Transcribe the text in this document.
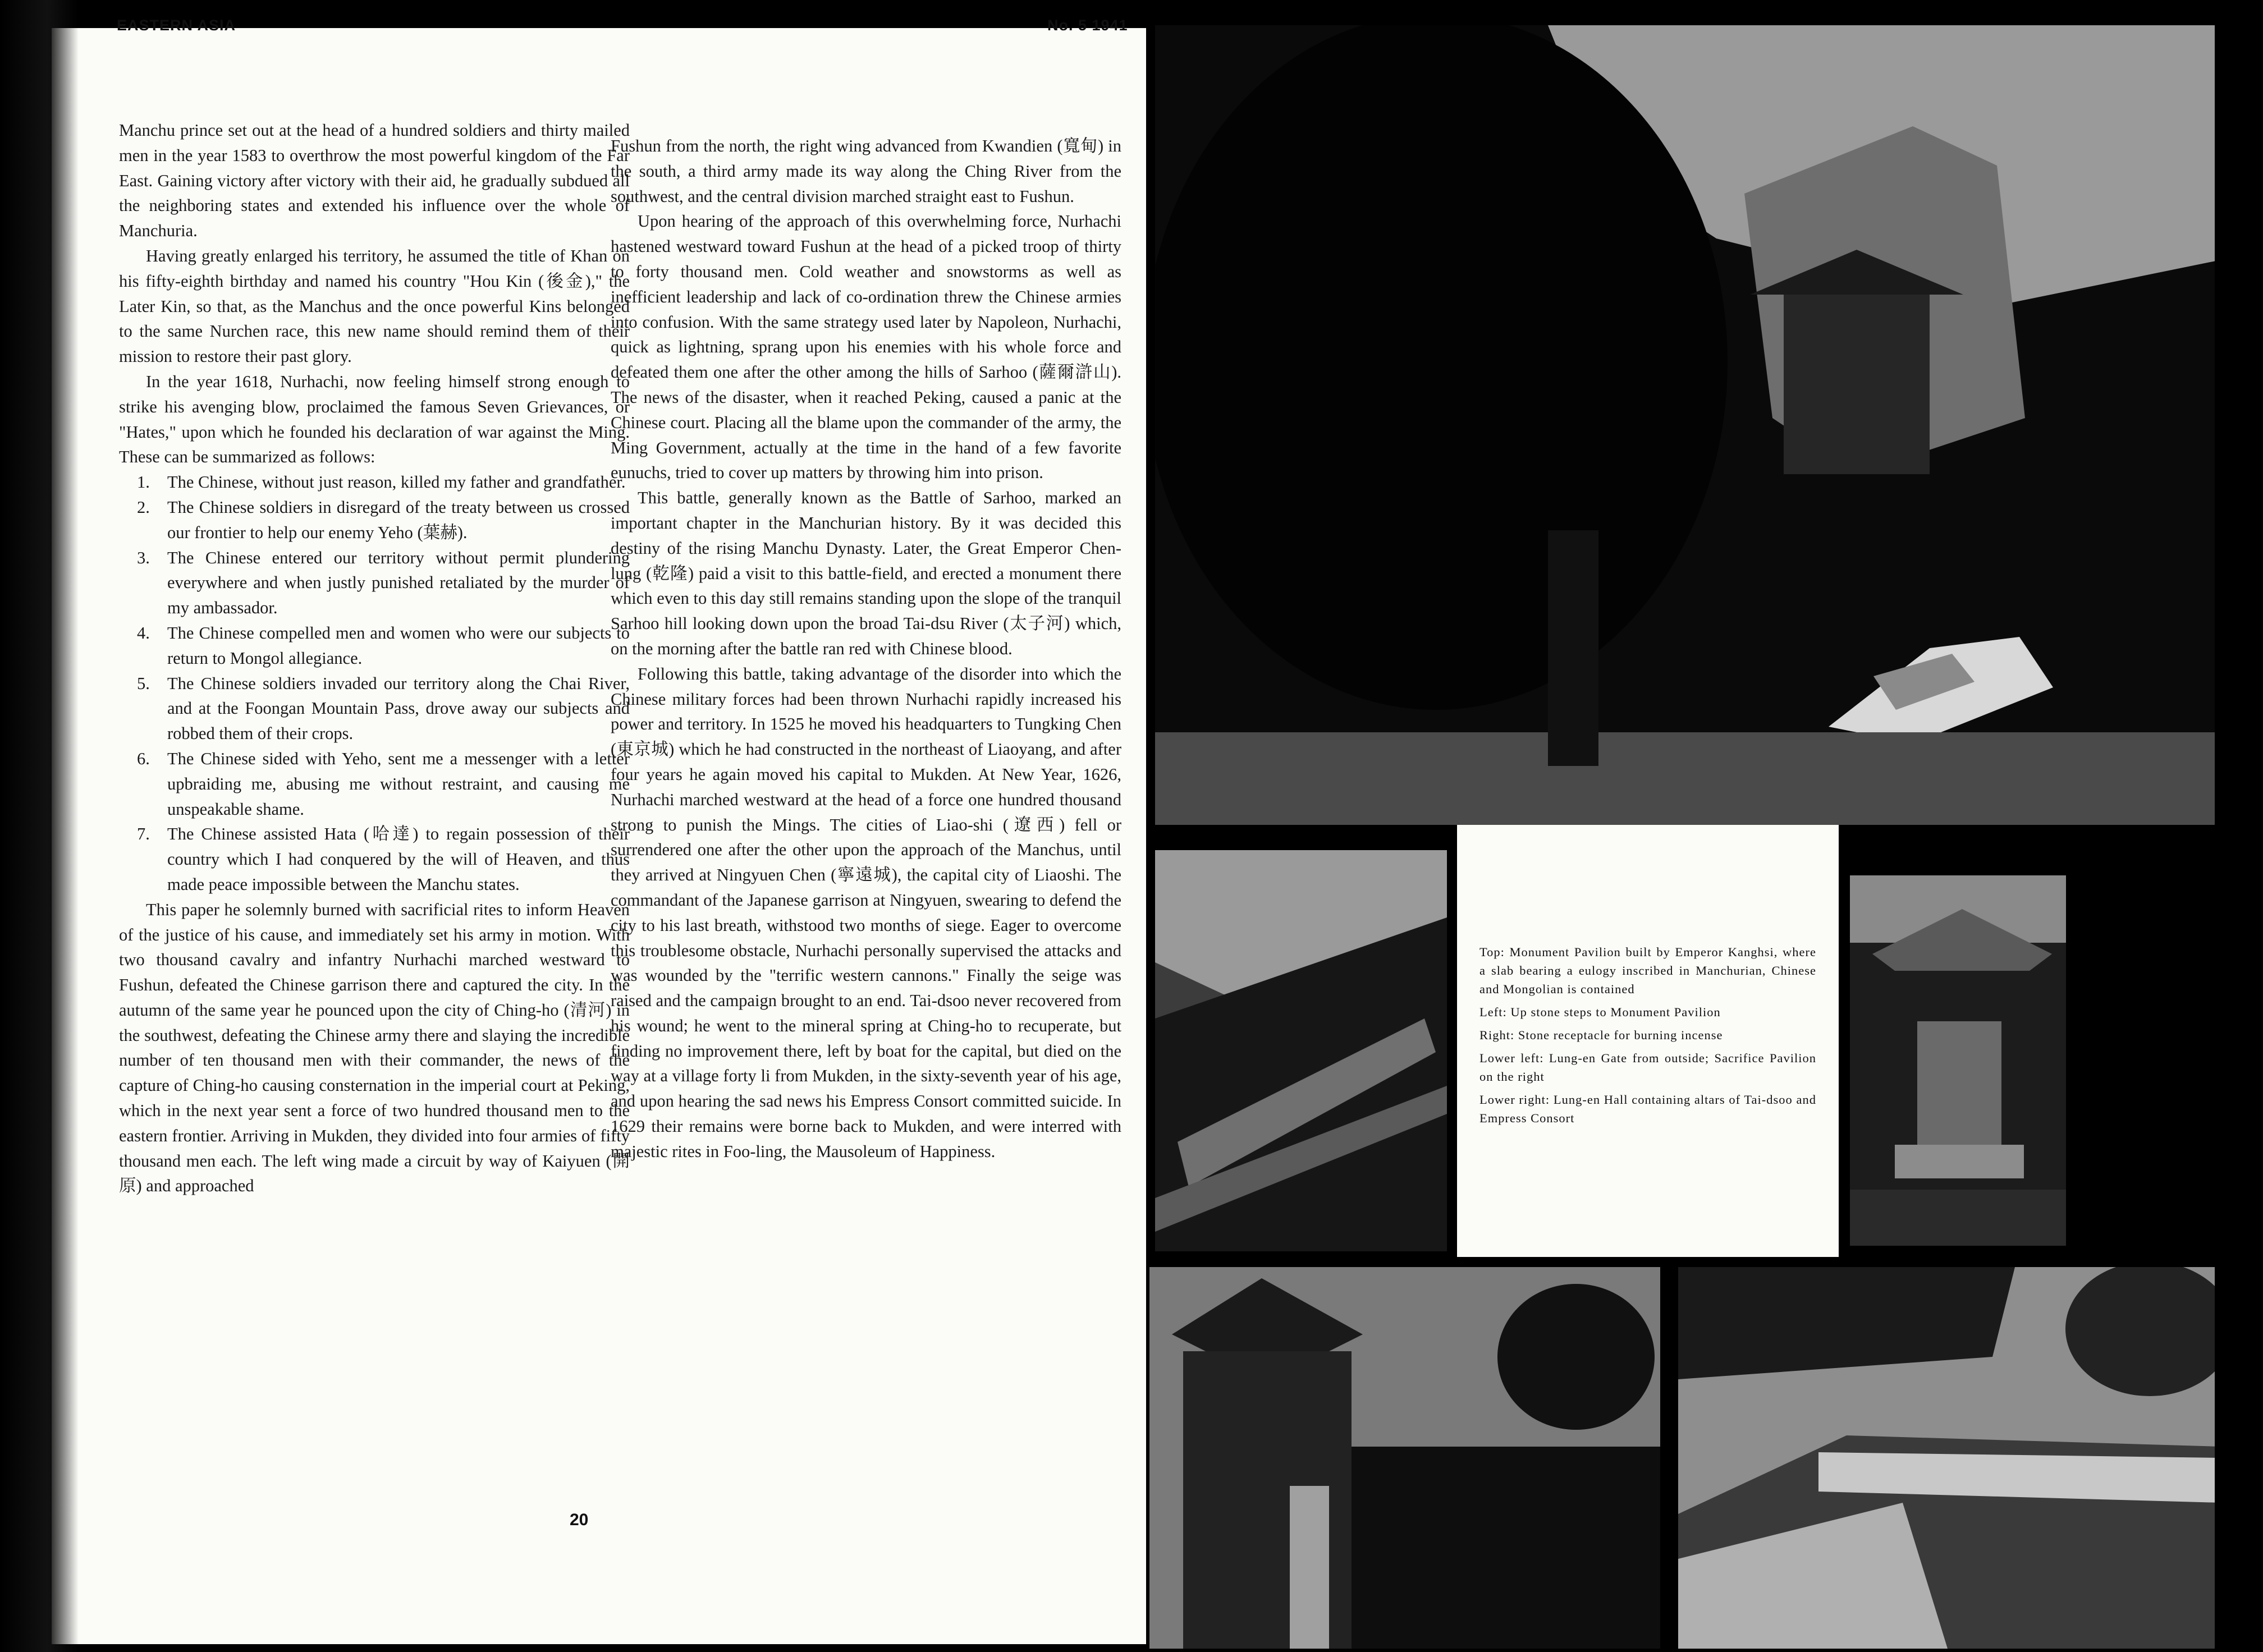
EASTERN ASIA	No. 5 1941

Manchu prince set out at the head of a hundred soldiers and thirty mailed men in the year 1583 to overthrow the most powerful kingdom of the Far East. Gaining victory after victory with their aid, he gradually subdued all the neighboring states and extended his influence over the whole of Manchuria.

Having greatly enlarged his territory, he assumed the title of Khan on his fifty-eighth birthday and named his country "Hou Kin (後金)," the Later Kin, so that, as the Manchus and the once powerful Kins belonged to the same Nurchen race, this new name should remind them of their mission to restore their past glory.

In the year 1618, Nurhachi, now feeling himself strong enough to strike his avenging blow, proclaimed the famous Seven Grievances, or "Hates," upon which he founded his declaration of war against the Ming. These can be summarized as follows:

1. The Chinese, without just reason, killed my father and grandfather.
2. The Chinese soldiers in disregard of the treaty between us crossed our frontier to help our enemy Yeho (葉赫).
3. The Chinese entered our territory without permit plundering everywhere and when justly punished retaliated by the murder of my ambassador.
4. The Chinese compelled men and women who were our subjects to return to Mongol allegiance.
5. The Chinese soldiers invaded our territory along the Chai River, and at the Foongan Mountain Pass, drove away our subjects and robbed them of their crops.
6. The Chinese sided with Yeho, sent me a messenger with a letter upbraiding me, abusing me without restraint, and causing me unspeakable shame.
7. The Chinese assisted Hata (哈達) to regain possession of their country which I had conquered by the will of Heaven, and thus made peace impossible between the Manchu states.

This paper he solemnly burned with sacrificial rites to inform Heaven of the justice of his cause, and immediately set his army in motion. With two thousand cavalry and infantry Nurhachi marched westward to Fushun, defeated the Chinese garrison there and captured the city. In the autumn of the same year he pounced upon the city of Ching-ho (清河) in the southwest, defeating the Chinese army there and slaying the incredible number of ten thousand men with their commander, the news of the capture of Ching-ho causing consternation in the imperial court at Peking, which in the next year sent a force of two hundred thousand men to the eastern frontier. Arriving in Mukden, they divided into four armies of fifty thousand men each. The left wing made a circuit by way of Kaiyuen (開原) and approached

Fushun from the north, the right wing advanced from Kwandien (寬甸) in the south, a third army made its way along the Ching River from the southwest, and the central division marched straight east to Fushun.

Upon hearing of the approach of this overwhelming force, Nurhachi hastened westward toward Fushun at the head of a picked troop of thirty to forty thousand men. Cold weather and snowstorms as well as inefficient leadership and lack of co-ordination threw the Chinese armies into confusion. With the same strategy used later by Napoleon, Nurhachi, quick as lightning, sprang upon his enemies with his whole force and defeated them one after the other among the hills of Sarhoo (薩爾滸山). The news of the disaster, when it reached Peking, caused a panic at the Chinese court. Placing all the blame upon the commander of the army, the Ming Government, actually at the time in the hand of a few favorite eunuchs, tried to cover up matters by throwing him into prison.

This battle, generally known as the Battle of Sarhoo, marked an important chapter in the Manchurian history. By it was decided this destiny of the rising Manchu Dynasty. Later, the Great Emperor Chen-lung (乾隆) paid a visit to this battle-field, and erected a monument there which even to this day still remains standing upon the slope of the tranquil Sarhoo hill looking down upon the broad Tai-dsu River (太子河) which, on the morning after the battle ran red with Chinese blood.

Following this battle, taking advantage of the disorder into which the Chinese military forces had been thrown Nurhachi rapidly increased his power and territory. In 1525 he moved his headquarters to Tungking Chen (東京城) which he had constructed in the northeast of Liaoyang, and after four years he again moved his capital to Mukden. At New Year, 1626, Nurhachi marched westward at the head of a force one hundred thousand strong to punish the Mings. The cities of Liao-shi (遼西) fell or surrendered one after the other upon the approach of the Manchus, until they arrived at Ningyuen Chen (寧遠城), the capital city of Liaoshi. The commandant of the Japanese garrison at Ningyuen, swearing to defend the city to his last breath, withstood two months of siege. Eager to overcome this troublesome obstacle, Nurhachi personally supervised the attacks and was wounded by the "terrific western cannons." Finally the seige was raised and the campaign brought to an end. Tai-dsoo never recovered from his wound; he went to the mineral spring at Ching-ho to recuperate, but finding no improvement there, left by boat for the capital, but died on the way at a village forty li from Mukden, in the sixty-seventh year of his age, and upon hearing the sad news his Empress Consort committed suicide. In 1629 their remains were borne back to Mukden, and were interred with majestic rites in Foo-ling, the Mausoleum of Happiness.

20

Top: Monument Pavilion built by Emperor Kanghsi, where a slab bearing a eulogy inscribed in Manchurian, Chinese and Mongolian is contained

Left: Up stone steps to Monument Pavilion

Right: Stone receptacle for burning incense

Lower left: Lung-en Gate from outside; Sacrifice Pavilion on the right

Lower right: Lung-en Hall containing altars of Tai-dsoo and Empress Consort
